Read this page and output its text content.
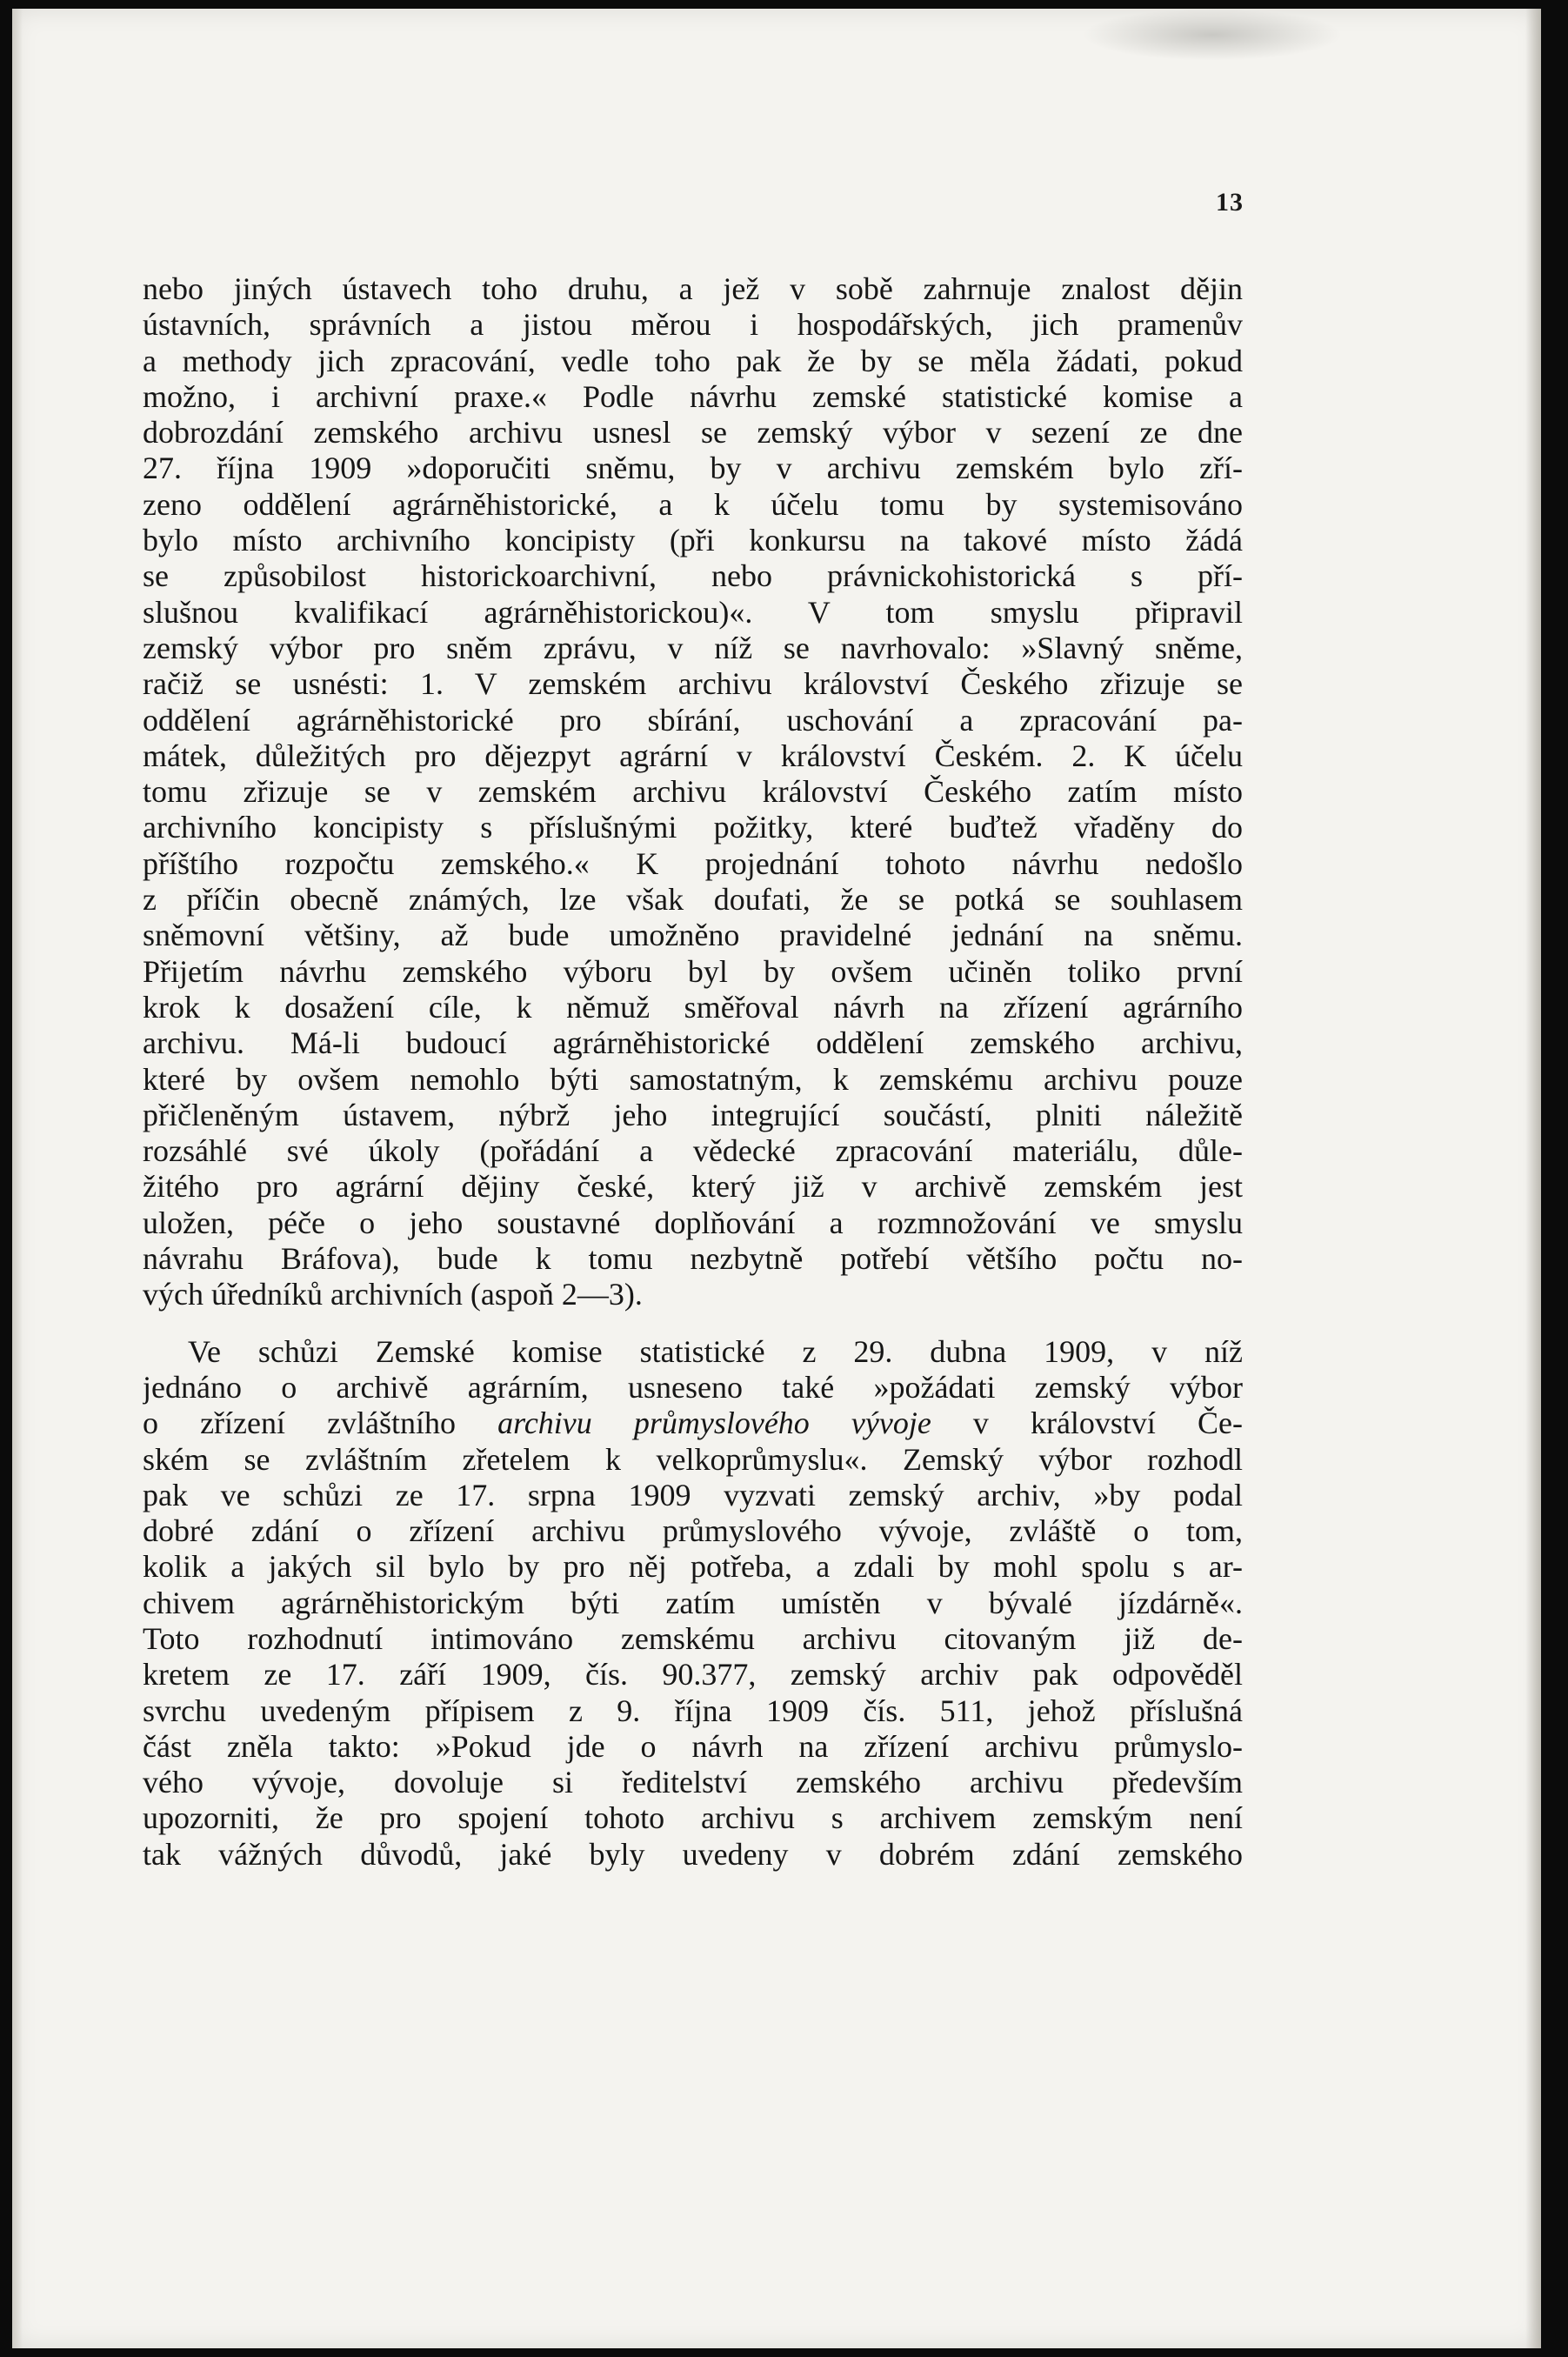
13
nebo jiných ústavech toho druhu, a jež v sobě zahrnuje znalost dějin
ústavních, správních a jistou měrou i hospodářských, jich pramenův
a methody jich zpracování, vedle toho pak že by se měla žádati, pokud
možno, i archivní praxe.« Podle návrhu zemské statistické komise a
dobrozdání zemského archivu usnesl se zemský výbor v sezení ze dne
27. října 1909 »doporučiti sněmu, by v archivu zemském bylo zří-
zeno oddělení agrárněhistorické, a k účelu tomu by systemisováno
bylo místo archivního koncipisty (při konkursu na takové místo žádá
se způsobilost historickoarchivní, nebo právnickohistorická s pří-
slušnou kvalifikací agrárněhistorickou)«. V tom smyslu připravil
zemský výbor pro sněm zprávu, v níž se navrhovalo: »Slavný sněme,
račiž se usnésti: 1. V zemském archivu království Českého zřizuje se
oddělení agrárněhistorické pro sbírání, uschování a zpracování pa-
mátek, důležitých pro dějezpyt agrární v království Českém. 2. K účelu
tomu zřizuje se v zemském archivu království Českého zatím místo
archivního koncipisty s příslušnými požitky, které buďtež vřaděny do
příštího rozpočtu zemského.« K projednání tohoto návrhu nedošlo
z příčin obecně známých, lze však doufati, že se potká se souhlasem
sněmovní většiny, až bude umožněno pravidelné jednání na sněmu.
Přijetím návrhu zemského výboru byl by ovšem učiněn toliko první
krok k dosažení cíle, k němuž směřoval návrh na zřízení agrárního
archivu. Má-li budoucí agrárněhistorické oddělení zemského archivu,
které by ovšem nemohlo býti samostatným, k zemskému archivu pouze
přičleněným ústavem, nýbrž jeho integrující součástí, plniti náležitě
rozsáhlé své úkoly (pořádání a vědecké zpracování materiálu, důle-
žitého pro agrární dějiny české, který již v archivě zemském jest
uložen, péče o jeho soustavné doplňování a rozmnožování ve smyslu
návrahu Bráfova), bude k tomu nezbytně potřebí většího počtu no-
vých úředníků archivních (aspoň 2—3).
Ve schůzi Zemské komise statistické z 29. dubna 1909, v níž
jednáno o archivě agrárním, usneseno také »požádati zemský výbor
o zřízení zvláštního archivu průmyslového vývoje v království Če-
ském se zvláštním zřetelem k velkoprůmyslu«. Zemský výbor rozhodl
pak ve schůzi ze 17. srpna 1909 vyzvati zemský archiv, »by podal
dobré zdání o zřízení archivu průmyslového vývoje, zvláště o tom,
kolik a jakých sil bylo by pro něj potřeba, a zdali by mohl spolu s ar-
chivem agrárněhistorickým býti zatím umístěn v bývalé jízdárně«.
Toto rozhodnutí intimováno zemskému archivu citovaným již de-
kretem ze 17. září 1909, čís. 90.377, zemský archiv pak odpověděl
svrchu uvedeným přípisem z 9. října 1909 čís. 511, jehož příslušná
část zněla takto: »Pokud jde o návrh na zřízení archivu průmyslo-
vého vývoje, dovoluje si ředitelství zemského archivu především
upozorniti, že pro spojení tohoto archivu s archivem zemským není
tak vážných důvodů, jaké byly uvedeny v dobrém zdání zemského
